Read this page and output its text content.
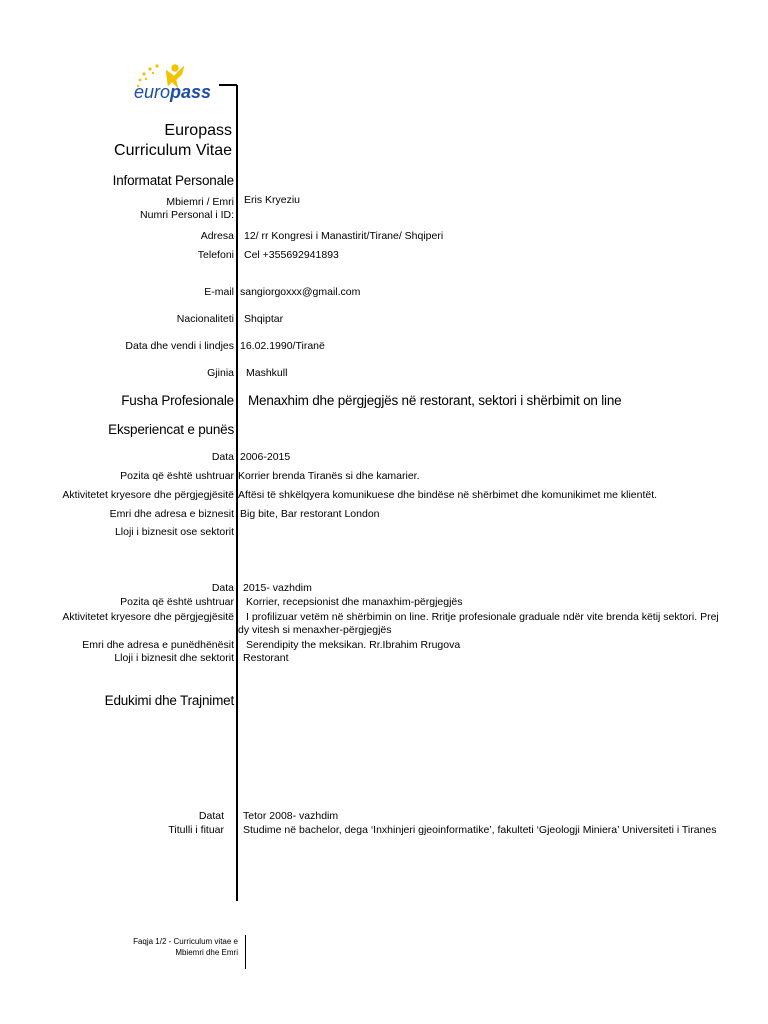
europass
Europass
Curriculum Vitae
Informatat Personale
Mbiemri / Emri
Numri Personal i ID:
Eris Kryeziu
Adresa 12/ rr Kongresi i Manastirit/Tirane/ Shqiperi
Telefoni Cel +355692941893
E-mail sangiorgoxxx@gmail.com
Nacionaliteti Shqiptar
Data dhe vendi i lindjes 16.02.1990/Tiranë
Gjinia Mashkull
Fusha Profesionale Menaxhim dhe përgjegjës në restorant, sektori i shërbimit on line
Eksperiencat e punës
Data 2006-2015
Pozita që është ushtruar Korrier brenda Tiranës si dhe kamarier.
Aktivitetet kryesore dhe përgjegjësitë Aftësi të shkëlqyera komunikuese dhe bindëse në shërbimet dhe komunikimet me klientët.
Emri dhe adresa e biznesit Big bite, Bar restorant London
Lloji i biznesit ose sektorit
Data 2015- vazhdim
Pozita që është ushtruar Korrier, recepsionist dhe manaxhim-përgjegjës
Aktivitetet kryesore dhe përgjegjësitë I profilizuar vetëm në shërbimin on line. Rritje profesionale graduale ndër vite brenda këtij sektori. Prej
dy vitesh si menaxher-përgjegjës
Emri dhe adresa e punëdhënësit Serendipity the meksikan. Rr.Ibrahim Rrugova
Lloji i biznesit dhe sektorit Restorant
Edukimi dhe Trajnimet
Datat Tetor 2008- vazhdim
Titulli i fituar Studime në bachelor, dega ‘Inxhinjeri gjeoinformatike’, fakulteti ‘Gjeologji Miniera’ Universiteti i Tiranes
Faqja 1/2 - Curriculum vitae e
Mbiemri dhe Emri
